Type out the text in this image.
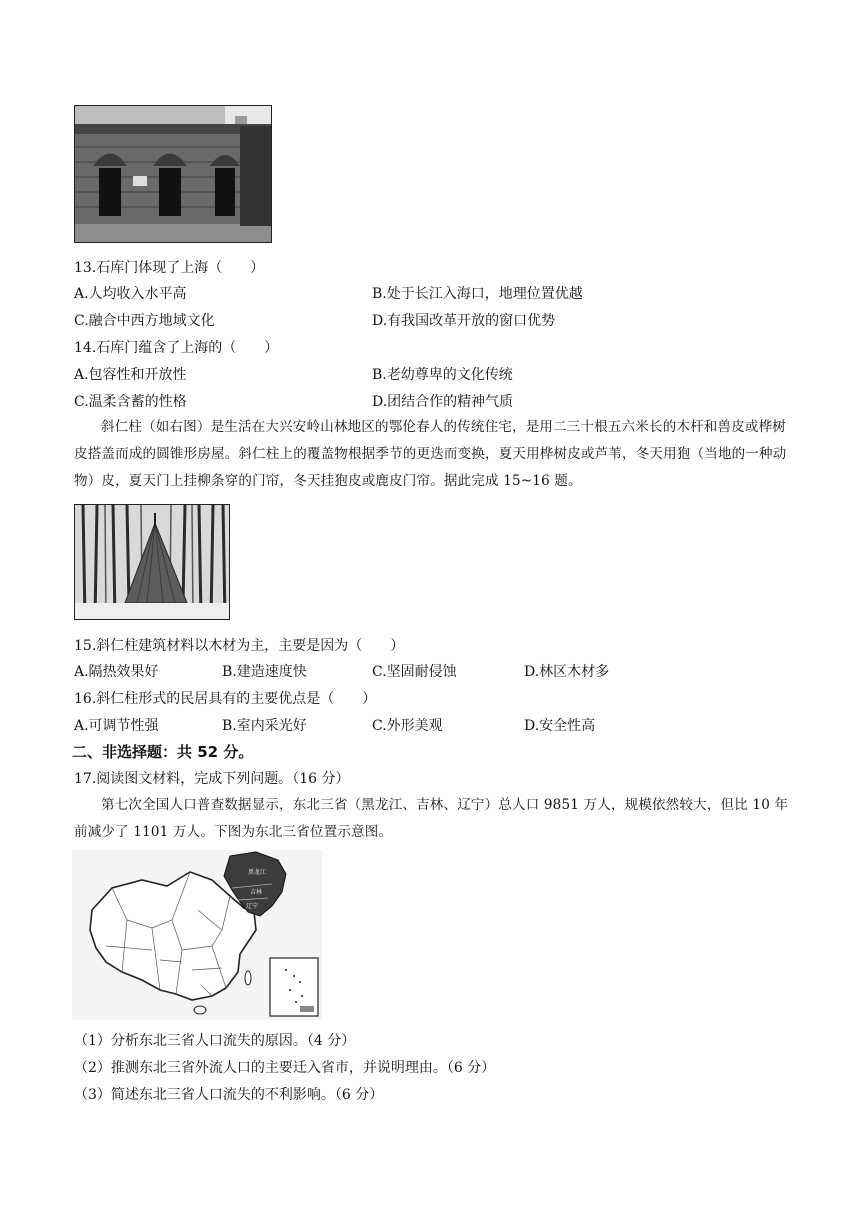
13.石库门体现了上海（　　）
A.人均收入水平高	B.处于长江入海口，地理位置优越
C.融合中西方地域文化	D.有我国改革开放的窗口优势
14.石库门蕴含了上海的（　　）
A.包容性和开放性	B.老幼尊卑的文化传统
C.温柔含蓄的性格	D.团结合作的精神气质
斜仁柱（如右图）是生活在大兴安岭山林地区的鄂伦春人的传统住宅，是用二三十根五六米长的木杆和兽皮或桦树皮搭盖而成的圆锥形房屋。斜仁柱上的覆盖物根据季节的更迭而变换，夏天用桦树皮或芦苇，冬天用狍（当地的一种动物）皮，夏天门上挂柳条穿的门帘，冬天挂狍皮或鹿皮门帘。据此完成 15~16 题。
15.斜仁柱建筑材料以木材为主，主要是因为（　　）
A.隔热效果好	B.建造速度快	C.坚固耐侵蚀	D.林区木材多
16.斜仁柱形式的民居具有的主要优点是（　　）
A.可调节性强	B.室内采光好	C.外形美观	D.安全性高
二、非选择题：共 52 分。
17.阅读图文材料，完成下列问题。（16 分）
第七次全国人口普查数据显示，东北三省（黑龙江、吉林、辽宁）总人口 9851 万人，规模依然较大，但比 10 年前减少了 1101 万人。下图为东北三省位置示意图。
黑龙江
吉林
辽宁
（1）分析东北三省人口流失的原因。（4 分）
（2）推测东北三省外流人口的主要迁入省市，并说明理由。（6 分）
（3）简述东北三省人口流失的不利影响。（6 分）
